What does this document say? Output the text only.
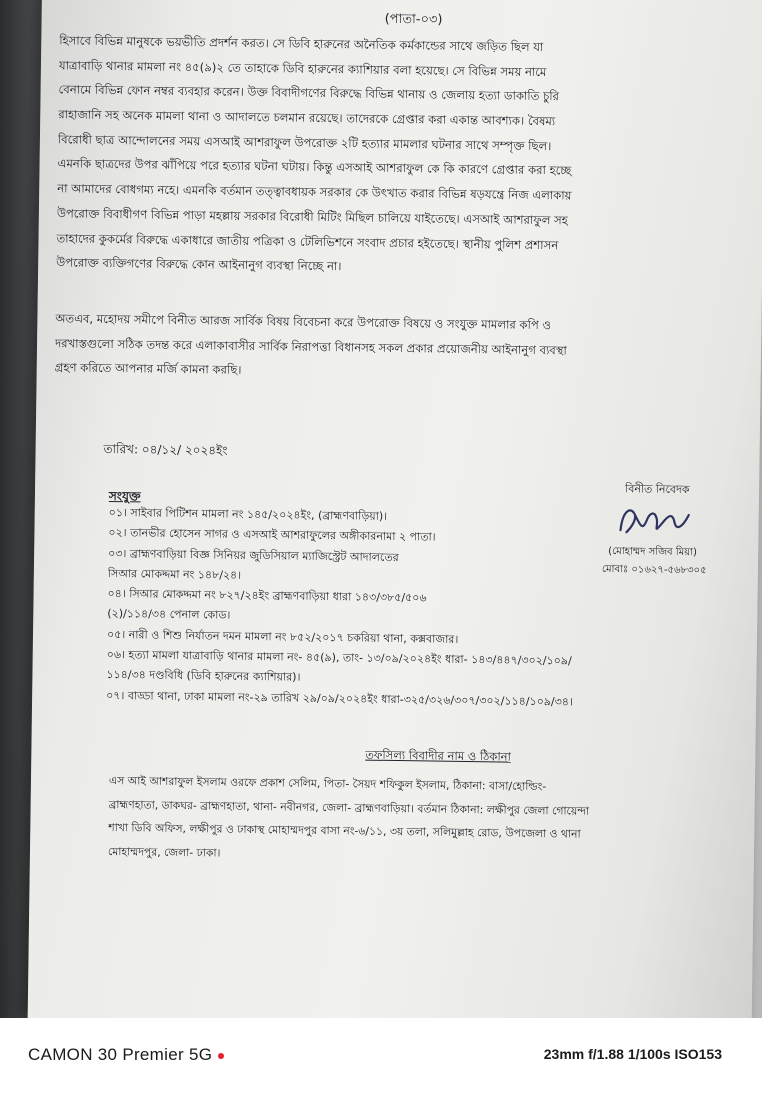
(পাতা-০৩)
হিসাবে বিভিন্ন মানুষকে ভয়ভীতি প্রদর্শন করত। সে ডিবি হারুনের অনৈতিক কর্মকান্ডের সাথে জড়িত ছিল যা
যাত্রাবাড়ি থানার মামলা নং ৪৫(৯)২ তে তাহাকে ডিবি হারুনের ক্যাশিয়ার বলা হয়েছে। সে বিভিন্ন সময় নামে
বেনামে বিভিন্ন ফোন নম্বর ব্যবহার করেন। উক্ত বিবাদীগণের বিরুদ্ধে বিভিন্ন থানায় ও জেলায় হত্যা ডাকাতি চুরি
রাহাজানি সহ অনেক মামলা থানা ও আদালতে চলমান রয়েছে। তাদেরকে গ্রেপ্তার করা একান্ত আবশ্যক। বৈষম্য
বিরোধী ছাত্র আন্দোলনের সময় এসআই আশরাফুল উপরোক্ত ২টি হত্যার মামলার ঘটনার সাথে সম্পৃক্ত ছিল।
এমনকি ছাত্রদের উপর ঝাঁপিয়ে পরে হত্যার ঘটনা ঘটায়। কিন্তু এসআই আশরাফুল কে কি কারণে গ্রেপ্তার করা হচ্ছে
না আমাদের বোধগম্য নহে। এমনকি বর্তমান তত্ত্বাবধায়ক সরকার কে উৎখাত করার বিভিন্ন ষড়যন্ত্রে নিজ এলাকায়
উপরোক্ত বিবাধীগণ বিভিন্ন পাড়া মহল্লায় সরকার বিরোধী মিটিং মিছিল চালিয়ে যাইতেছে। এসআই আশরাফুল সহ
তাহাদের কুকর্মের বিরুদ্ধে একাধারে জাতীয় পত্রিকা ও টেলিভিশনে সংবাদ প্রচার হইতেছে। স্থানীয় পুলিশ প্রশাসন
উপরোক্ত ব্যক্তিগণের বিরুদ্ধে কোন আইনানুগ ব্যবস্থা নিচ্ছে না।
অতএব, মহোদয় সমীপে বিনীত আরজ সার্বিক বিষয় বিবেচনা করে উপরোক্ত বিষয়ে ও সংযুক্ত মামলার কপি ও
দরখাস্তগুলো সঠিক তদন্ত করে এলাকাবাসীর সার্বিক নিরাপত্তা বিধানসহ সকল প্রকার প্রয়োজনীয় আইনানুগ ব্যবস্থা
গ্রহণ করিতে আপনার মর্জি কামনা করছি।
তারিখ: ০৪/১২/ ২০২৪ইং
সংযুক্ত
০১। সাইবার পিটিশন মামলা নং ১৪৫/২০২৪ইং, (ব্রাহ্মণবাড়িয়া)।
০২। তানভীর হোসেন সাগর ও এসআই আশরাফুলের অঙ্গীকারনামা ২ পাতা।
০৩। ব্রাহ্মণবাড়িয়া বিজ্ঞ সিনিয়র জুডিসিয়াল ম্যাজিস্ট্রেট আদালতের
সিআর মোকদ্দমা নং ১৪৮/২৪।
০৪। সিআর মোকদ্দমা নং ৮২৭/২৪ইং ব্রাহ্মণবাড়িয়া ধারা ১৪৩/৩৮৫/৫০৬
(২)/১১৪/৩৪ পেনাল কোড।
০৫। নারী ও শিশু নির্যাতন দমন মামলা নং ৮৫২/২০১৭ চকরিয়া থানা, কক্সবাজার।
০৬। হত্যা মামলা যাত্রাবাড়ি থানার মামলা নং- ৪৫(৯), তাং- ১৩/০৯/২০২৪ইং ধারা- ১৪৩/৪৪৭/৩০২/১০৯/
১১৪/৩৪ দণ্ডবিধি (ডিবি হারুনের ক্যাশিয়ার)।
০৭। বাড্ডা থানা, ঢাকা মামলা নং-২৯ তারিখ ২৯/০৯/২০২৪ইং ধারা-৩২৫/৩২৬/৩০৭/৩০২/১১৪/১০৯/৩৪।
বিনীত নিবেদক
(মোহাম্মদ সজিব মিয়া)
মোবাঃ ০১৬২৭-৫৬৮৩০৫
তফসিল্য বিবাদীর নাম ও ঠিকানা
এস আই আশরাফুল ইসলাম ওরফে প্রকাশ সেলিম, পিতা- সৈয়দ শফিকুল ইসলাম, ঠিকানা: বাসা/হোল্ডিং-
ব্রাহ্মণহাতা, ডাকঘর- ব্রাহ্মণহাতা, থানা- নবীনগর, জেলা- ব্রাহ্মণবাড়িয়া। বর্তমান ঠিকানা: লক্ষীপুর জেলা গোয়েন্দা
শাখা ডিবি অফিস, লক্ষীপুর ও ঢাকাস্থ মোহাম্মদপুর বাসা নং-৬/১১, ৩য় তলা, সলিমুল্লাহ রোড, উপজেলা ও থানা
মোহাম্মদপুর, জেলা- ঢাকা।
CAMON 30 Premier 5G	23mm f/1.88 1/100s ISO153
